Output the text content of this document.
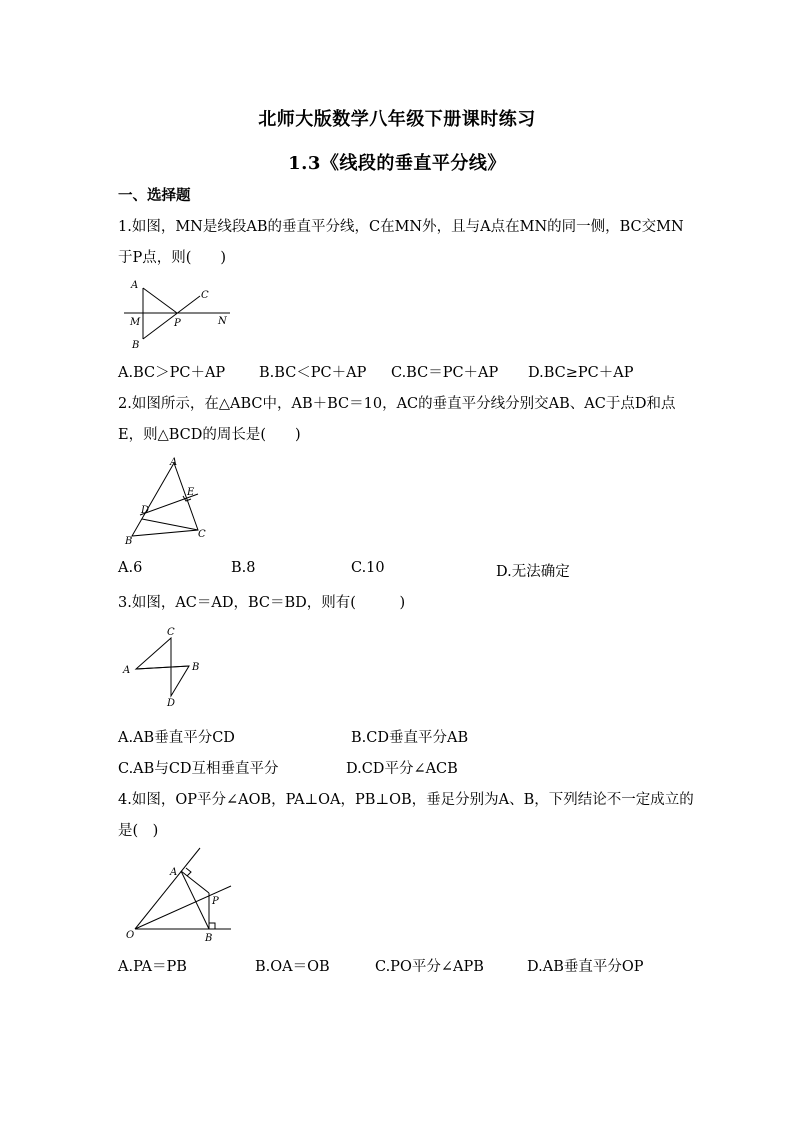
北师大版数学八年级下册课时练习
1.3《线段的垂直平分线》
一、选择题
1.如图，MN是线段AB的垂直平分线，C在MN外，且与A点在MN的同一侧，BC交MN
于P点，则(　　)
A
B
C
M	N
P
A.BC＞PC＋AP B.BC＜PC＋AP C.BC＝PC＋AP D.BC≥PC＋AP
2.如图所示，在△ABC中，AB＋BC＝10，AC的垂直平分线分别交AB、AC于点D和点
E，则△BCD的周长是(　　)
A
B
C
D
E
A.6	B.8	C.10	D.无法确定
3.如图，AC＝AD，BC＝BD，则有(　　　)
C
A	B
D
A.AB垂直平分CD	B.CD垂直平分AB
C.AB与CD互相垂直平分	D.CD平分∠ACB
4.如图，OP平分∠AOB，PA⊥OA，PB⊥OB，垂足分别为A、B，下列结论不一定成立的
是(　)
A
B
O
P
A.PA＝PB	B.OA＝OB	C.PO平分∠APB	D.AB垂直平分OP
